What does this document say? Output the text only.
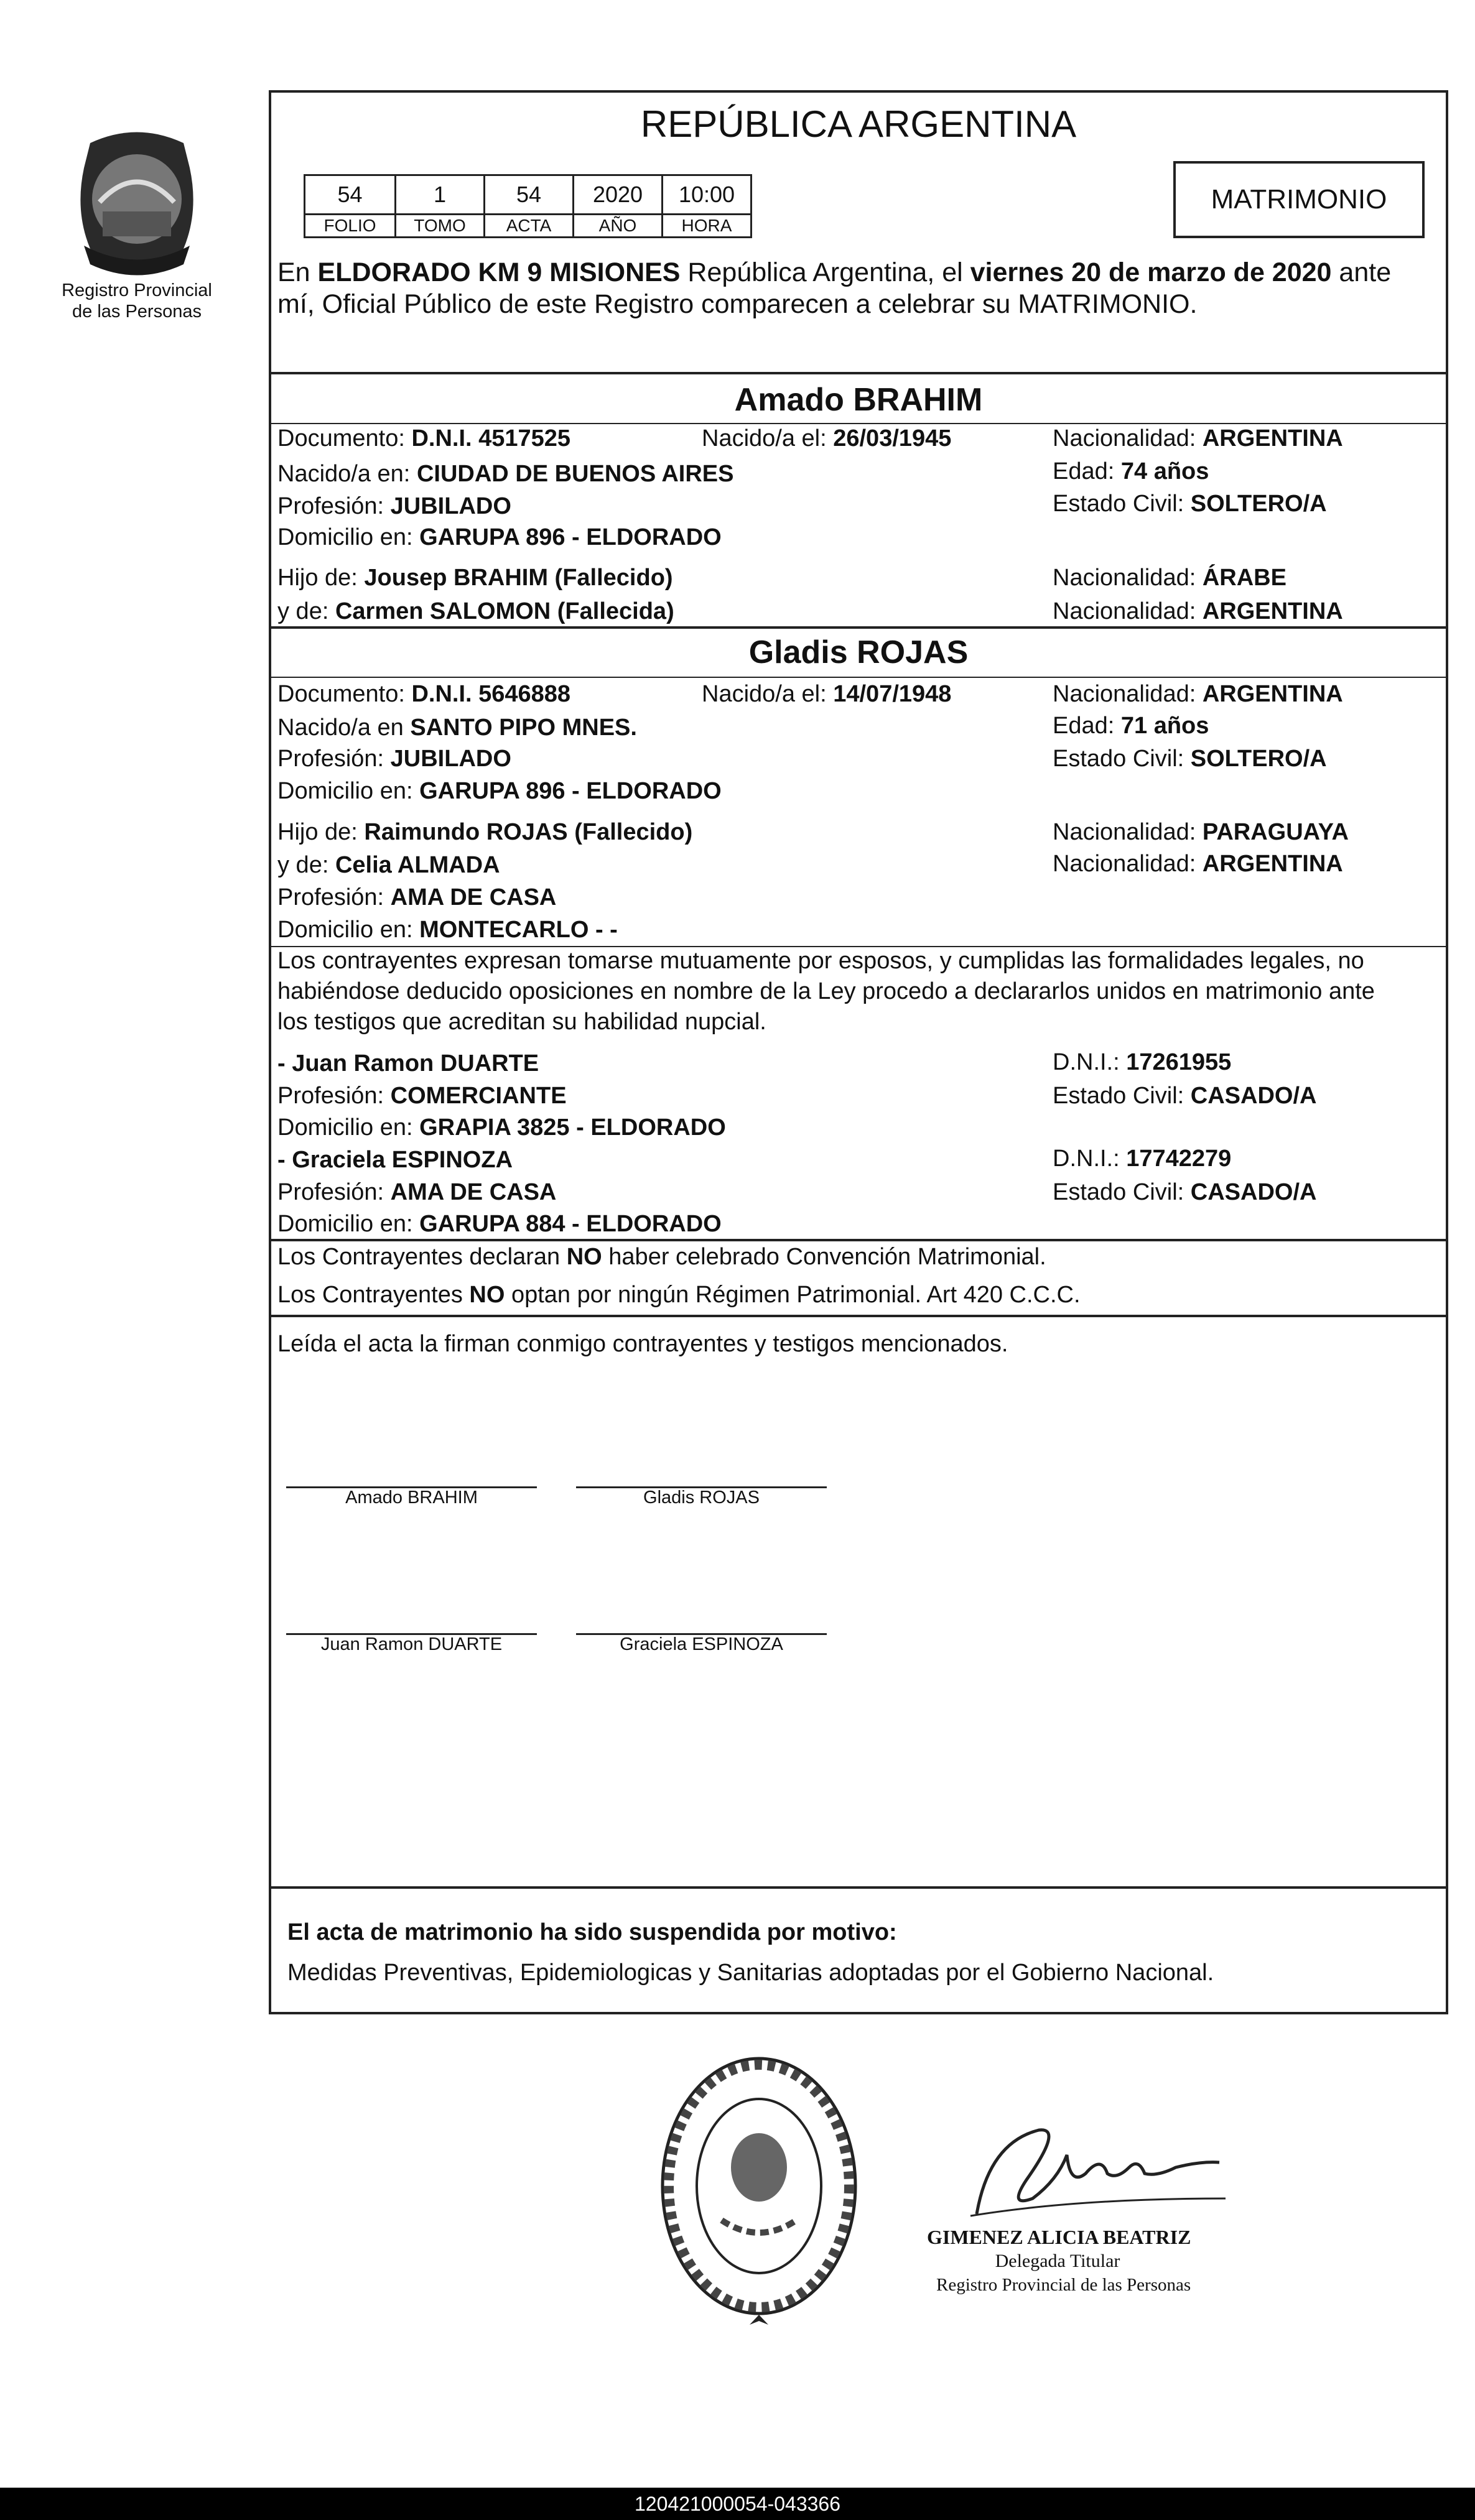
Registro Provincial
de las Personas
REPÚBLICA ARGENTINA
54	1	54	2020	10:00
FOLIO	TOMO	ACTA	AÑO	HORA
MATRIMONIO
En ELDORADO KM 9 MISIONES República Argentina, el viernes 20 de marzo de 2020 ante
mí, Oficial Público de este Registro comparecen a celebrar su MATRIMONIO.
Amado BRAHIM
Documento: D.N.I. 4517525	Nacido/a el: 26/03/1945	Nacionalidad: ARGENTINA
Nacido/a en: CIUDAD DE BUENOS AIRES	Edad: 74 años
Profesión: JUBILADO	Estado Civil: SOLTERO/A
Domicilio en: GARUPA 896 - ELDORADO
Hijo de: Jousep BRAHIM (Fallecido)	Nacionalidad: ÁRABE
y de: Carmen SALOMON (Fallecida)	Nacionalidad: ARGENTINA
Gladis ROJAS
Documento: D.N.I. 5646888	Nacido/a el: 14/07/1948	Nacionalidad: ARGENTINA
Nacido/a en SANTO PIPO MNES.	Edad: 71 años
Profesión: JUBILADO	Estado Civil: SOLTERO/A
Domicilio en: GARUPA 896 - ELDORADO
Hijo de: Raimundo ROJAS (Fallecido)	Nacionalidad: PARAGUAYA
y de: Celia ALMADA	Nacionalidad: ARGENTINA
Profesión: AMA DE CASA
Domicilio en: MONTECARLO - -
Los contrayentes expresan tomarse mutuamente por esposos, y cumplidas las formalidades legales, no
habiéndose deducido oposiciones en nombre de la Ley procedo a declararlos unidos en matrimonio ante
los testigos que acreditan su habilidad nupcial.
- Juan Ramon DUARTE	D.N.I.: 17261955
Profesión: COMERCIANTE	Estado Civil: CASADO/A
Domicilio en: GRAPIA 3825 - ELDORADO
- Graciela ESPINOZA	D.N.I.: 17742279
Profesión: AMA DE CASA	Estado Civil: CASADO/A
Domicilio en: GARUPA 884 - ELDORADO
Los Contrayentes declaran NO haber celebrado Convención Matrimonial.
Los Contrayentes NO optan por ningún Régimen Patrimonial. Art 420 C.C.C.
Leída el acta la firman conmigo contrayentes y testigos mencionados.
Amado BRAHIM	Gladis ROJAS
Juan Ramon DUARTE	Graciela ESPINOZA
El acta de matrimonio ha sido suspendida por motivo:
Medidas Preventivas, Epidemiologicas y Sanitarias adoptadas por el Gobierno Nacional.
GIMENEZ ALICIA BEATRIZ
Delegada Titular
Registro Provincial de las Personas
120421000054-043366
